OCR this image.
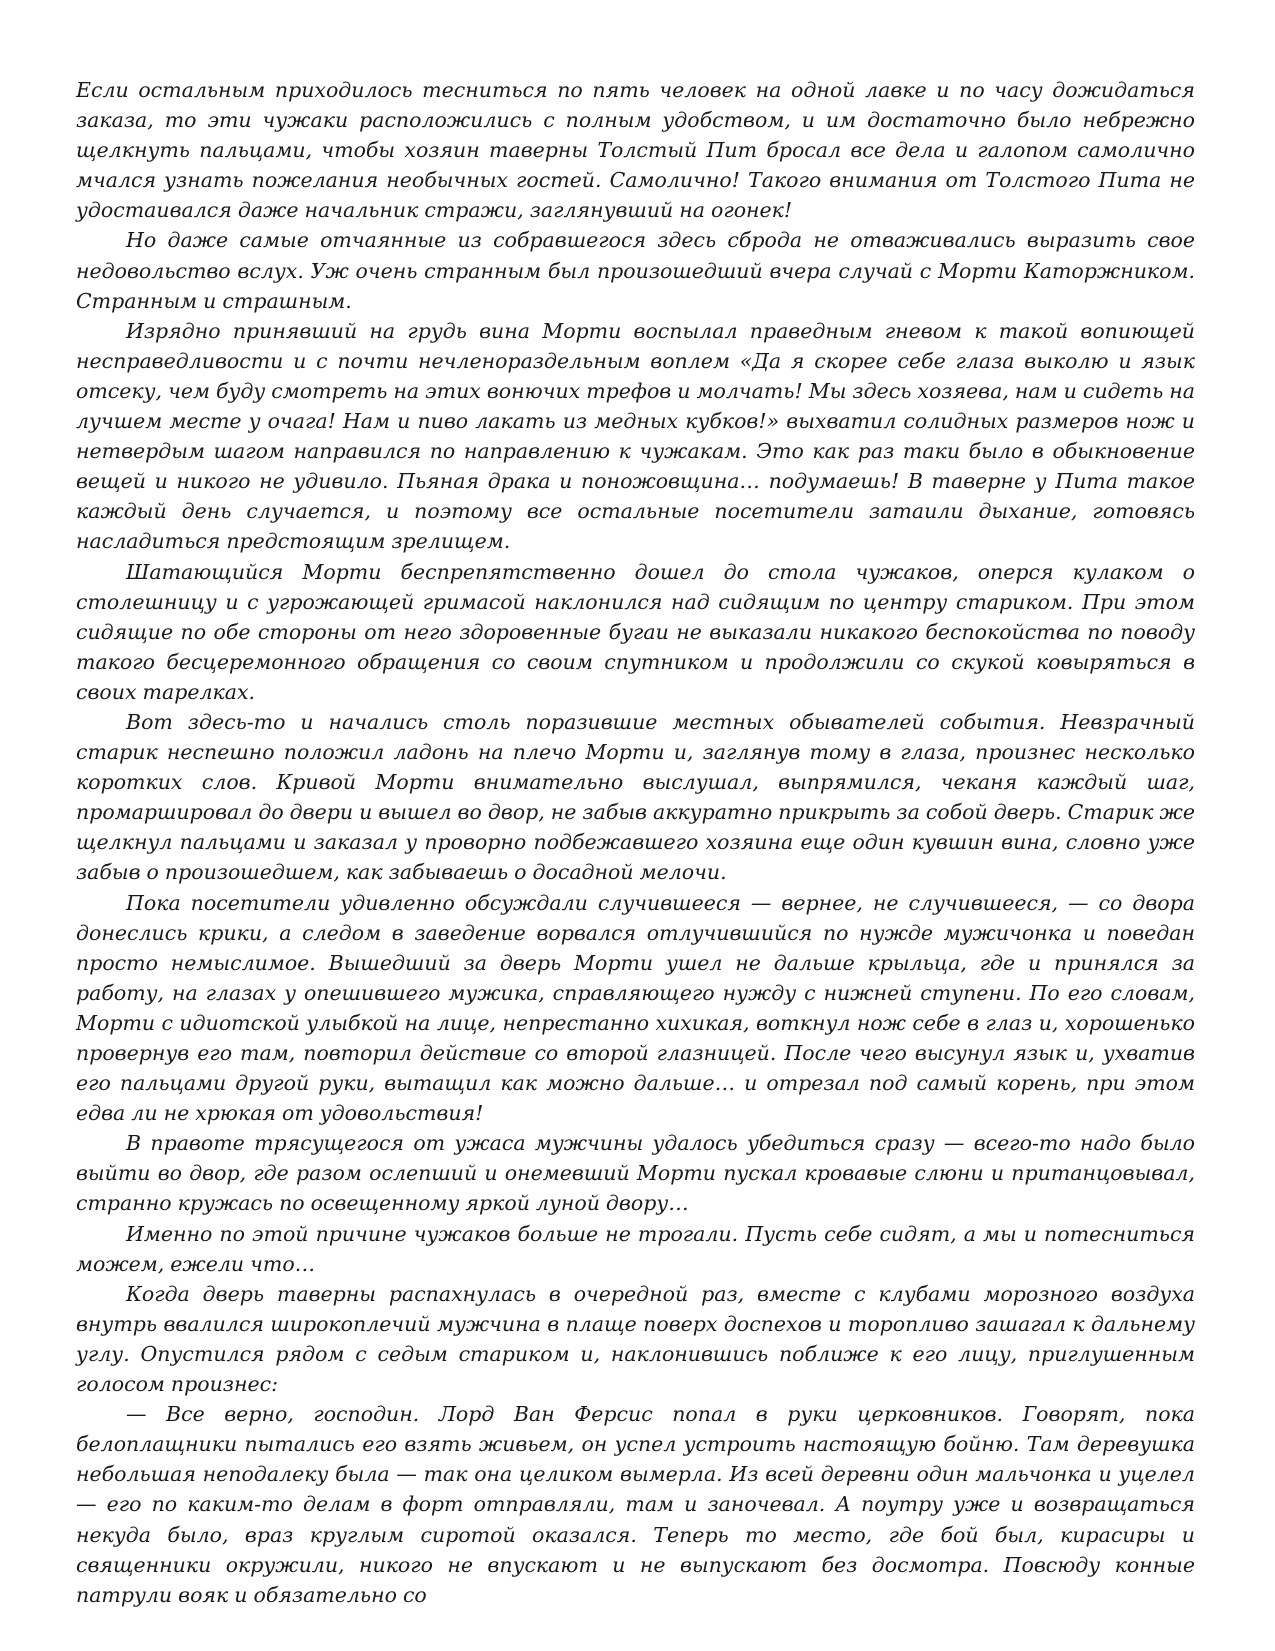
Если остальным приходилось тесниться по пять человек на одной лавке и по часу дожидаться заказа, то эти чужаки расположились с полным удобством, и им достаточно было небрежно щелкнуть пальцами, чтобы хозяин таверны Толстый Пит бросал все дела и галопом самолично мчался узнать пожелания необычных гостей. Самолично! Такого внимания от Толстого Пита не удостаивался даже начальник стражи, заглянувший на огонек!

Но даже самые отчаянные из собравшегося здесь сброда не отваживались выразить свое недовольство вслух. Уж очень странным был произошедший вчера случай с Морти Каторжником. Странным и страшным.

Изрядно принявший на грудь вина Морти воспылал праведным гневом к такой вопиющей несправедливости и с почти нечленораздельным воплем «Да я скорее себе глаза выколю и язык отсеку, чем буду смотреть на этих вонючих трефов и молчать! Мы здесь хозяева, нам и сидеть на лучшем месте у очага! Нам и пиво лакать из медных кубков!» выхватил солидных размеров нож и нетвердым шагом направился по направлению к чужакам. Это как раз таки было в обыкновение вещей и никого не удивило. Пьяная драка и поножовщина… подумаешь! В таверне у Пита такое каждый день случается, и поэтому все остальные посетители затаили дыхание, готовясь насладиться предстоящим зрелищем.

Шатающийся Морти беспрепятственно дошел до стола чужаков, оперся кулаком о столешницу и с угрожающей гримасой наклонился над сидящим по центру стариком. При этом сидящие по обе стороны от него здоровенные бугаи не выказали никакого беспокойства по поводу такого бесцеремонного обращения со своим спутником и продолжили со скукой ковыряться в своих тарелках.

Вот здесь-то и начались столь поразившие местных обывателей события. Невзрачный старик неспешно положил ладонь на плечо Морти и, заглянув тому в глаза, произнес несколько коротких слов. Кривой Морти внимательно выслушал, выпрямился, чеканя каждый шаг, промаршировал до двери и вышел во двор, не забыв аккуратно прикрыть за собой дверь. Старик же щелкнул пальцами и заказал у проворно подбежавшего хозяина еще один кувшин вина, словно уже забыв о произошедшем, как забываешь о досадной мелочи.

Пока посетители удивленно обсуждали случившееся — вернее, не случившееся, — со двора донеслись крики, а следом в заведение ворвался отлучившийся по нужде мужичонка и поведан просто немыслимое. Вышедший за дверь Морти ушел не дальше крыльца, где и принялся за работу, на глазах у опешившего мужика, справляющего нужду с нижней ступени. По его словам, Морти с идиотской улыбкой на лице, непрестанно хихикая, воткнул нож себе в глаз и, хорошенько провернув его там, повторил действие со второй глазницей. После чего высунул язык и, ухватив его пальцами другой руки, вытащил как можно дальше… и отрезал под самый корень, при этом едва ли не хрюкая от удовольствия!

В правоте трясущегося от ужаса мужчины удалось убедиться сразу — всего-то надо было выйти во двор, где разом ослепший и онемевший Морти пускал кровавые слюни и пританцовывал, странно кружась по освещенному яркой луной двору…

Именно по этой причине чужаков больше не трогали. Пусть себе сидят, а мы и потесниться можем, ежели что…

Когда дверь таверны распахнулась в очередной раз, вместе с клубами морозного воздуха внутрь ввалился широкоплечий мужчина в плаще поверх доспехов и торопливо зашагал к дальнему углу. Опустился рядом с седым стариком и, наклонившись поближе к его лицу, приглушенным голосом произнес:

— Все верно, господин. Лорд Ван Ферсис попал в руки церковников. Говорят, пока белоплащники пытались его взять живьем, он успел устроить настоящую бойню. Там деревушка небольшая неподалеку была — так она целиком вымерла. Из всей деревни один мальчонка и уцелел — его по каким-то делам в форт отправляли, там и заночевал. А поутру уже и возвращаться некуда было, враз круглым сиротой оказался. Теперь то место, где бой был, кирасиры и священники окружили, никого не впускают и не выпускают без досмотра. Повсюду конные патрули вояк и обязательно со
